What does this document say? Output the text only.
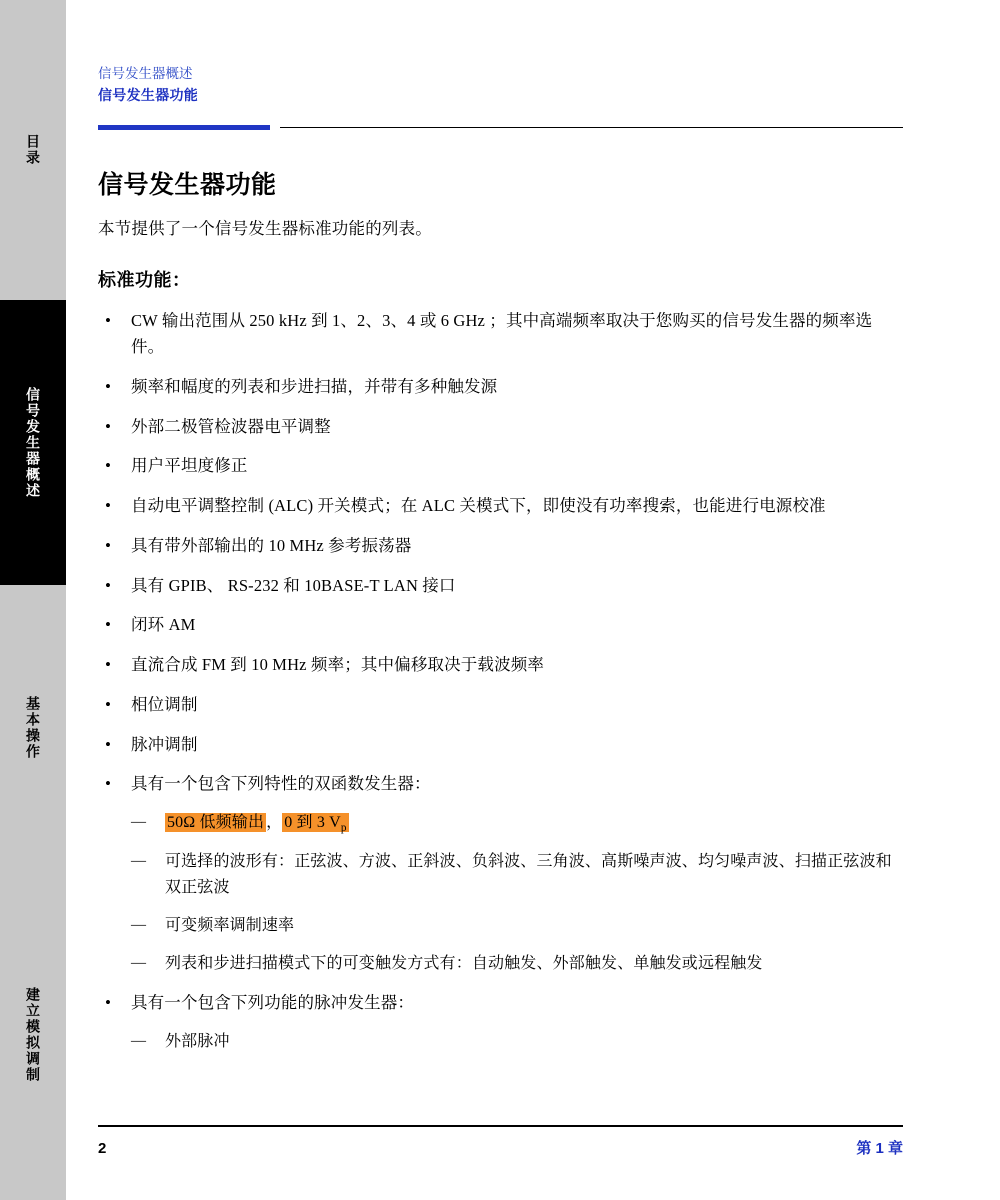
目录
信号发生器概述
基本操作
建立模拟调制
信号发生器概述
信号发生器功能
信号发生器功能

本节提供了一个信号发生器标准功能的列表。

标准功能：
• CW 输出范围从 250 kHz 到 1、2、3、4 或 6 GHz ；其中高端频率取决于您购买的信号发生器的频率选件。
• 频率和幅度的列表和步进扫描，并带有多种触发源
• 外部二极管检波器电平调整
• 用户平坦度修正
• 自动电平调整控制 (ALC) 开关模式；在 ALC 关模式下，即使没有功率搜索，也能进行电源校准
• 具有带外部输出的 10 MHz 参考振荡器
• 具有 GPIB、 RS-232 和 10BASE-T LAN 接口
• 闭环 AM
• 直流合成 FM 到 10 MHz 频率；其中偏移取决于载波频率
• 相位调制
• 脉冲调制
• 具有一个包含下列特性的双函数发生器：
— 50Ω 低频输出 ， 0 到 3 $V_p$
— 可选择的波形有：正弦波、方波、正斜波、负斜波、三角波、高斯噪声波、均匀噪声波、扫描正弦波和双正弦波
— 可变频率调制速率
— 列表和步进扫描模式下的可变触发方式有：自动触发、外部触发、单触发或远程触发
• 具有一个包含下列功能的脉冲发生器：
— 外部脉冲
2	第 1 章
